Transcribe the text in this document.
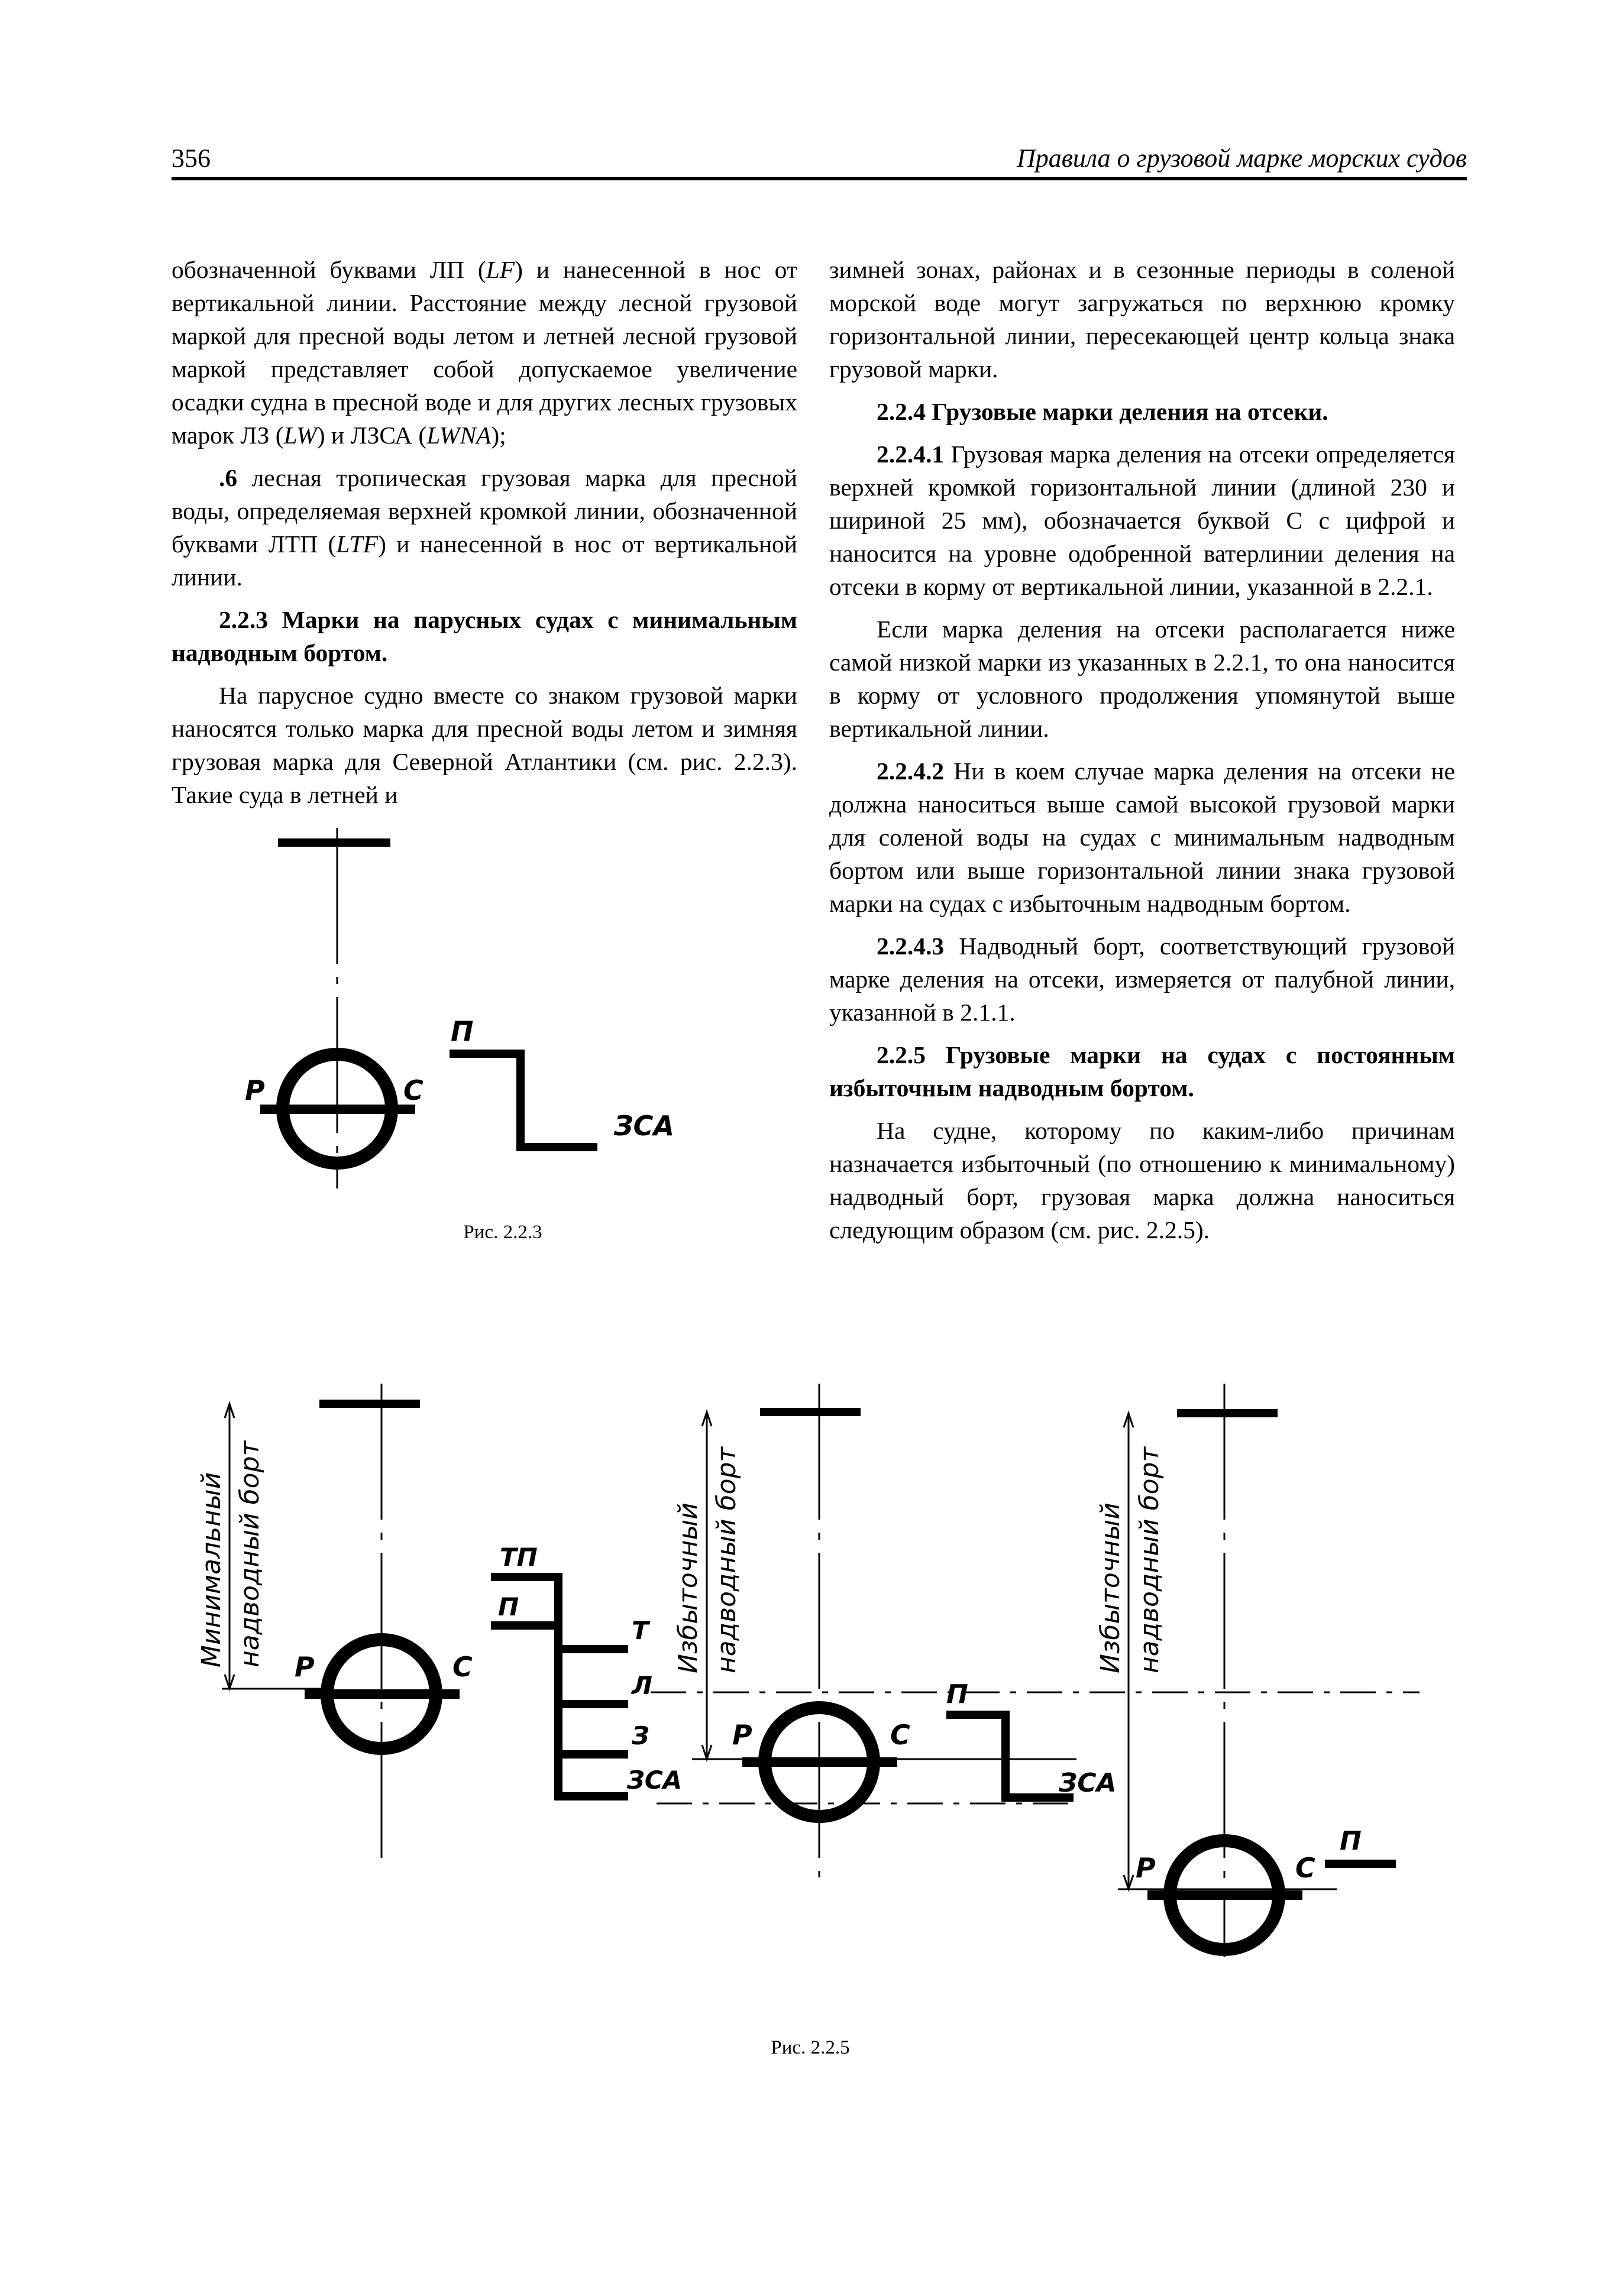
356	Правила о грузовой марке морских судов

обозначенной буквами ЛП (LF) и нанесенной в нос от вертикальной линии. Расстояние между лесной грузовой маркой для пресной воды летом и летней лесной грузовой маркой представляет собой допускаемое увеличение осадки судна в пресной воде и для других лесных грузовых марок ЛЗ (LW) и ЛЗСА (LWNA);

.6 лесная тропическая грузовая марка для пресной воды, определяемая верхней кромкой линии, обозначенной буквами ЛТП (LTF) и нанесенной в нос от вертикальной линии.

2.2.3 Марки на парусных судах с минимальным надводным бортом.

На парусное судно вместе со знаком грузовой марки наносятся только марка для пресной воды летом и зимняя грузовая марка для Северной Атлантики (см. рис. 2.2.3). Такие суда в летней и

зимней зонах, районах и в сезонные периоды в соленой морской воде могут загружаться по верхнюю кромку горизонтальной линии, пересекающей центр кольца знака грузовой марки.

2.2.4 Грузовые марки деления на отсеки.

2.2.4.1 Грузовая марка деления на отсеки определяется верхней кромкой горизонтальной линии (длиной 230 и шириной 25 мм), обозначается буквой С с цифрой и наносится на уровне одобренной ватерлинии деления на отсеки в корму от вертикальной линии, указанной в 2.2.1.

Если марка деления на отсеки располагается ниже самой низкой марки из указанных в 2.2.1, то она наносится в корму от условного продолжения упомянутой выше вертикальной линии.

2.2.4.2 Ни в коем случае марка деления на отсеки не должна наноситься выше самой высокой грузовой марки для соленой воды на судах с минимальным надводным бортом или выше горизонтальной линии знака грузовой марки на судах с избыточным надводным бортом.

2.2.4.3 Надводный борт, соответствующий грузовой марке деления на отсеки, измеряется от палубной линии, указанной в 2.1.1.

2.2.5 Грузовые марки на судах с постоянным избыточным надводным бортом.

На судне, которому по каким-либо причинам назначается избыточный (по отношению к минимальному) надводный борт, грузовая марка должна наноситься следующим образом (см. рис. 2.2.5).

П
ЗСА
Р	С
Рис. 2.2.3
Минимальный надводный борт Р	С
ТП
П
Т
Л
З
ЗСА
Избыточный надводный борт
Р	С
П
ЗСА
Избыточный надводный борт
Р	С
П
Рис. 2.2.5
